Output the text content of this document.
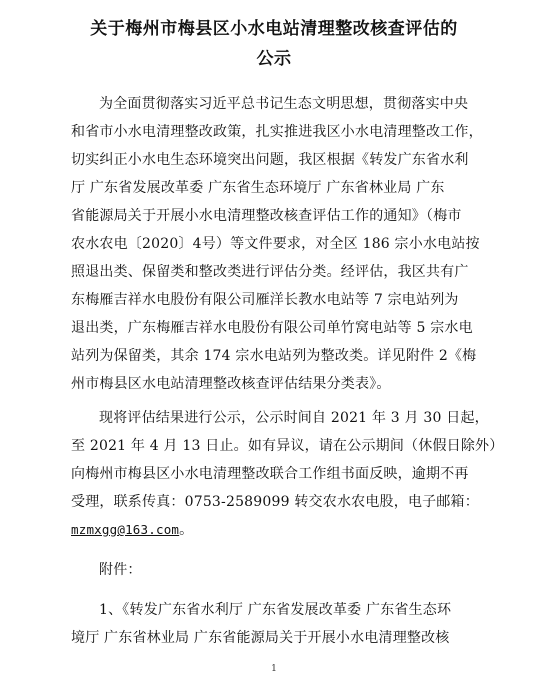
关于梅州市梅县区小水电站清理整改核查评估的
公示
为全面贯彻落实习近平总书记生态文明思想，贯彻落实中央
和省市小水电清理整改政策，扎实推进我区小水电清理整改工作，
切实纠正小水电生态环境突出问题，我区根据《转发广东省水利
厅 广东省发展改革委 广东省生态环境厅 广东省林业局 广东
省能源局关于开展小水电清理整改核查评估工作的通知》（梅市
农水农电〔2020〕4号）等文件要求，对全区 186 宗小水电站按
照退出类、保留类和整改类进行评估分类。经评估，我区共有广
东梅雁吉祥水电股份有限公司雁洋长教水电站等 7 宗电站列为
退出类，广东梅雁吉祥水电股份有限公司单竹窝电站等 5 宗水电
站列为保留类，其余 174 宗水电站列为整改类。详见附件 2《梅
州市梅县区水电站清理整改核查评估结果分类表》。
现将评估结果进行公示，公示时间自 2021 年 3 月 30 日起，
至 2021 年 4 月 13 日止。如有异议，请在公示期间（休假日除外）
向梅州市梅县区小水电清理整改联合工作组书面反映，逾期不再
受理，联系传真：0753-2589099 转交农水农电股，电子邮箱：
mzmxgg@163.com。
附件：
1、《转发广东省水利厅 广东省发展改革委 广东省生态环
境厅 广东省林业局 广东省能源局关于开展小水电清理整改核
1
